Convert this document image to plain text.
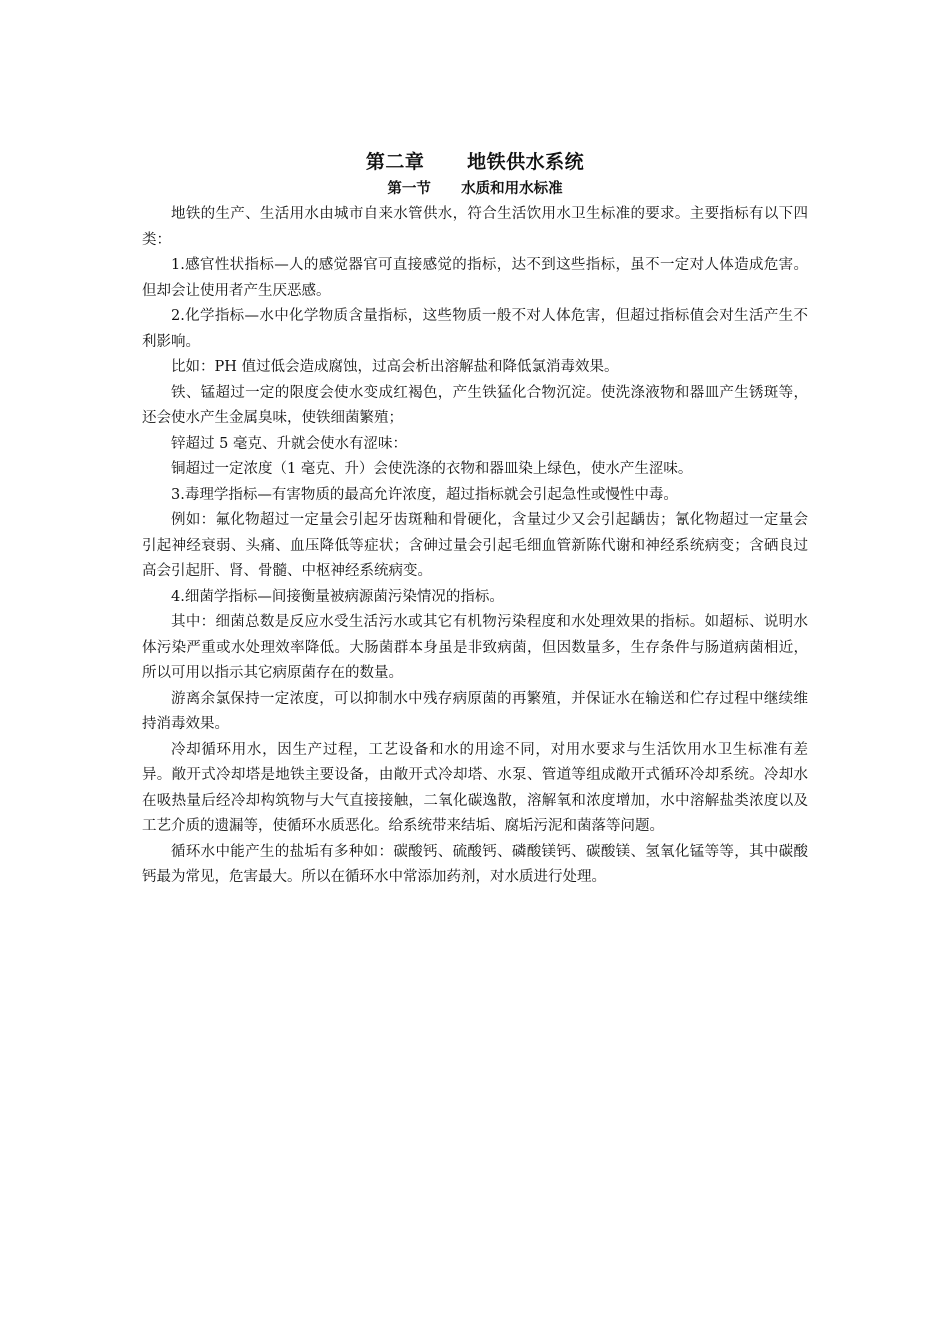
第二章      地铁供水系统
第一节      水质和用水标准

地铁的生产、生活用水由城市自来水管供水，符合生活饮用水卫生标准的要求。主要指标有以下四类：

1.感官性状指标—人的感觉器官可直接感觉的指标，达不到这些指标，虽不一定对人体造成危害。但却会让使用者产生厌恶感。

2.化学指标—水中化学物质含量指标，这些物质一般不对人体危害，但超过指标值会对生活产生不利影响。

比如：PH 值过低会造成腐蚀，过高会析出溶解盐和降低氯消毒效果。

铁、锰超过一定的限度会使水变成红褐色，产生铁猛化合物沉淀。使洗涤液物和器皿产生锈斑等，还会使水产生金属臭味，使铁细菌繁殖；

锌超过 5 毫克、升就会使水有涩味：

铜超过一定浓度（1 毫克、升）会使洗涤的衣物和器皿染上绿色，使水产生涩味。

3.毒理学指标—有害物质的最高允许浓度，超过指标就会引起急性或慢性中毒。

例如：氟化物超过一定量会引起牙齿斑釉和骨硬化，含量过少又会引起龋齿；氰化物超过一定量会引起神经衰弱、头痛、血压降低等症状；含砷过量会引起毛细血管新陈代谢和神经系统病变；含硒良过高会引起肝、肾、骨髓、中枢神经系统病变。

4.细菌学指标—间接衡量被病源菌污染情况的指标。

其中：细菌总数是反应水受生活污水或其它有机物污染程度和水处理效果的指标。如超标、说明水体污染严重或水处理效率降低。大肠菌群本身虽是非致病菌，但因数量多，生存条件与肠道病菌相近，所以可用以指示其它病原菌存在的数量。

游离余氯保持一定浓度，可以抑制水中残存病原菌的再繁殖，并保证水在输送和伫存过程中继续维持消毒效果。

冷却循环用水，因生产过程，工艺设备和水的用途不同，对用水要求与生活饮用水卫生标准有差异。敞开式冷却塔是地铁主要设备，由敞开式冷却塔、水泵、管道等组成敞开式循环冷却系统。冷却水在吸热量后经冷却构筑物与大气直接接触，二氧化碳逸散，溶解氧和浓度增加，水中溶解盐类浓度以及工艺介质的遗漏等，使循环水质恶化。给系统带来结垢、腐垢污泥和菌落等问题。

循环水中能产生的盐垢有多种如：碳酸钙、硫酸钙、磷酸镁钙、碳酸镁、氢氧化锰等等，其中碳酸钙最为常见，危害最大。所以在循环水中常添加药剂，对水质进行处理。
